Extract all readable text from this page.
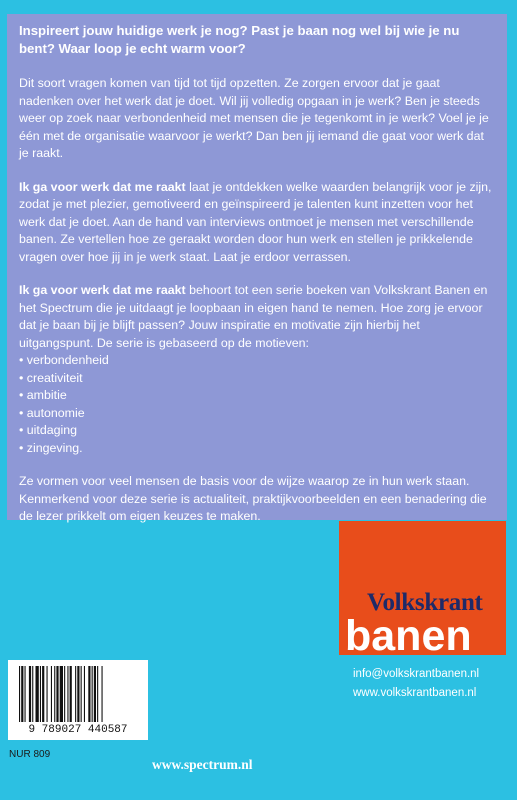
Inspireert jouw huidige werk je nog? Past je baan nog wel bij wie je nu bent? Waar loop je echt warm voor?

Dit soort vragen komen van tijd tot tijd opzetten. Ze zorgen ervoor dat je gaat nadenken over het werk dat je doet. Wil jij volledig opgaan in je werk? Ben je steeds weer op zoek naar verbondenheid met mensen die je tegenkomt in je werk? Voel je je één met de organisatie waarvoor je werkt? Dan ben jij iemand die gaat voor werk dat je raakt.

Ik ga voor werk dat me raakt laat je ontdekken welke waarden belangrijk voor je zijn, zodat je met plezier, gemotiveerd en geïnspireerd je talenten kunt inzetten voor het werk dat je doet. Aan de hand van interviews ontmoet je mensen met verschillende banen. Ze vertellen hoe ze geraakt worden door hun werk en stellen je prikkelende vragen over hoe jij in je werk staat. Laat je erdoor verrassen.

Ik ga voor werk dat me raakt behoort tot een serie boeken van Volkskrant Banen en het Spectrum die je uitdaagt je loopbaan in eigen hand te nemen. Hoe zorg je ervoor dat je baan bij je blijft passen? Jouw inspiratie en motivatie zijn hierbij het uitgangspunt. De serie is gebaseerd op de motieven:

• verbondenheid
• creativiteit
• ambitie
• autonomie
• uitdaging
• zingeving.

Ze vormen voor veel mensen de basis voor de wijze waarop ze in hun werk staan. Kenmerkend voor deze serie is actualiteit, praktijkvoorbeelden en een benadering die de lezer prikkelt om eigen keuzes te maken.

Volkskrant
banen
info@volkskrantbanen.nl
www.volkskrantbanen.nl
9 789027 440587
NUR 809
www.spectrum.nl
